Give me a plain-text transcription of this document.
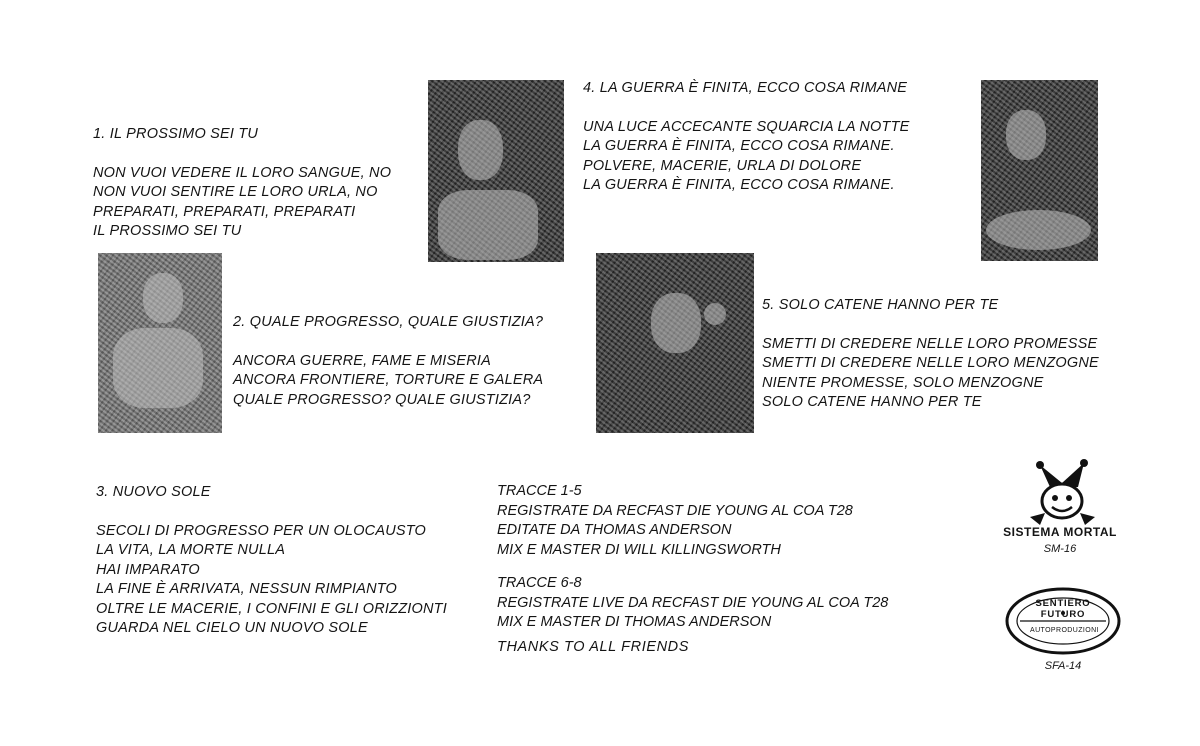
1. IL PROSSIMO SEI TU
NON VUOI VEDERE IL LORO SANGUE, NO
NON VUOI SENTIRE LE LORO URLA, NO
PREPARATI, PREPARATI, PREPARATI
IL PROSSIMO SEI TU
4. LA GUERRA È FINITA, ECCO COSA RIMANE
UNA LUCE ACCECANTE SQUARCIA LA NOTTE
LA GUERRA È FINITA, ECCO COSA RIMANE.
POLVERE, MACERIE, URLA DI DOLORE
LA GUERRA È FINITA, ECCO COSA RIMANE.
2. QUALE PROGRESSO, QUALE GIUSTIZIA?
ANCORA GUERRE, FAME E MISERIA
ANCORA FRONTIERE, TORTURE E GALERA
QUALE PROGRESSO? QUALE GIUSTIZIA?
5. SOLO CATENE HANNO PER TE
SMETTI DI CREDERE NELLE LORO PROMESSE
SMETTI DI CREDERE NELLE LORO MENZOGNE
NIENTE PROMESSE, SOLO MENZOGNE
SOLO CATENE HANNO PER TE
3. NUOVO SOLE
SECOLI DI PROGRESSO PER UN OLOCAUSTO
LA VITA, LA MORTE NULLA
HAI IMPARATO
LA FINE È ARRIVATA, NESSUN RIMPIANTO
OLTRE LE MACERIE, I CONFINI E GLI ORIZZIONTI
GUARDA NEL CIELO UN NUOVO SOLE
TRACCE 1-5
REGISTRATE DA RECFAST DIE YOUNG AL COA T28
EDITATE DA THOMAS ANDERSON
MIX E MASTER DI WILL KILLINGSWORTH
TRACCE 6-8
REGISTRATE LIVE DA RECFAST DIE YOUNG AL COA T28
MIX E MASTER DI THOMAS ANDERSON
THANKS TO ALL FRIENDS
SISTEMA MORTAL
SM-16
SENTIERO FUTURO
AUTOPRODUZIONI
SFA-14
